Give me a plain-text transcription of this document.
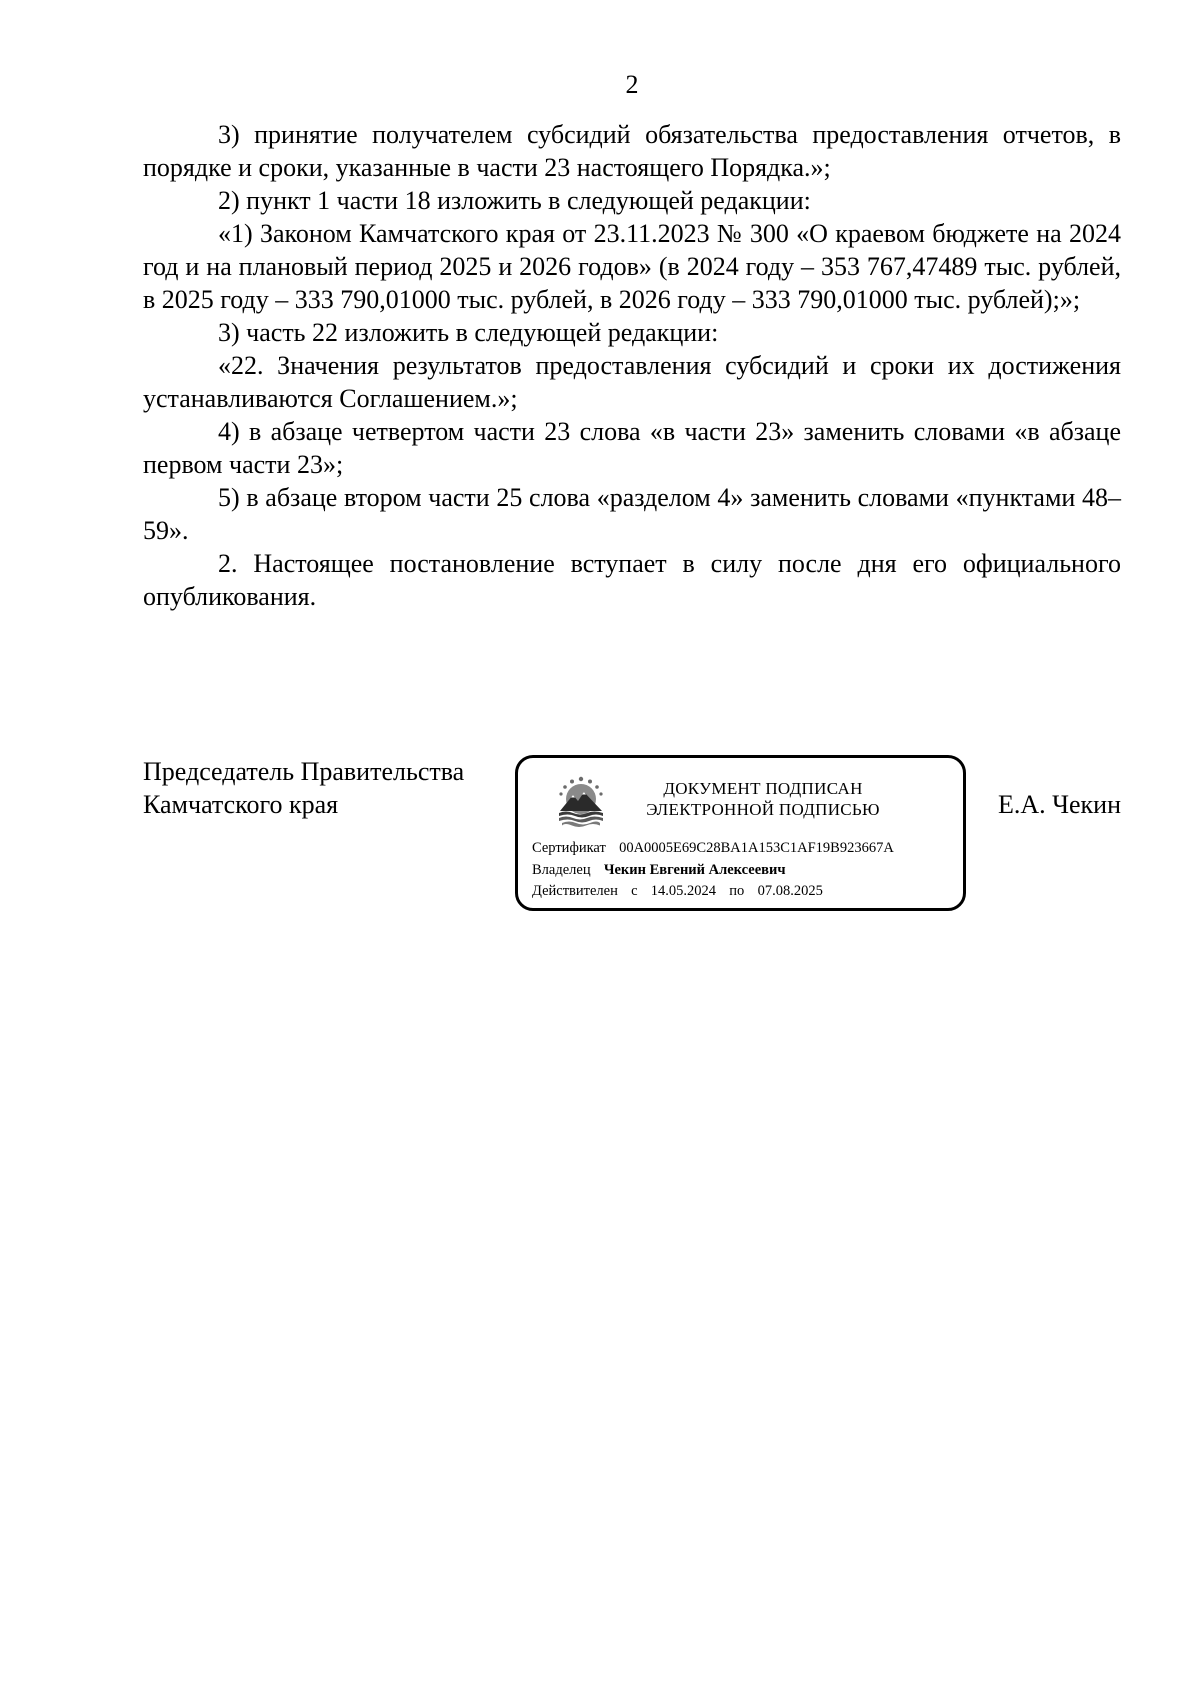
2

3) принятие получателем субсидий обязательства предоставления отчетов, в порядке и сроки, указанные в части 23 настоящего Порядка.»;

2) пункт 1 части 18 изложить в следующей редакции:

«1) Законом Камчатского края от 23.11.2023 № 300 «О краевом бюджете на 2024 год и на плановый период 2025 и 2026 годов» (в 2024 году – 353 767,47489 тыс. рублей, в 2025 году – 333 790,01000 тыс. рублей, в 2026 году – 333 790,01000 тыс. рублей);»;

3) часть 22 изложить в следующей редакции:

«22. Значения результатов предоставления субсидий и сроки их достижения устанавливаются Соглашением.»;

4) в абзаце четвертом части 23 слова «в части 23» заменить словами «в абзаце первом части 23»;

5) в абзаце втором части 25 слова «разделом 4» заменить словами «пунктами 48–59».

2. Настоящее постановление вступает в силу после дня его официального опубликования.

Председатель Правительства
Камчатского края
ДОКУМЕНТ ПОДПИСАН
ЭЛЕКТРОННОЙ ПОДПИСЬЮ
Сертификат 00A0005E69C28BA1A153C1AF19B923667A
Владелец Чекин Евгений Алексеевич
Действителен с 14.05.2024 по 07.08.2025
Е.А. Чекин
